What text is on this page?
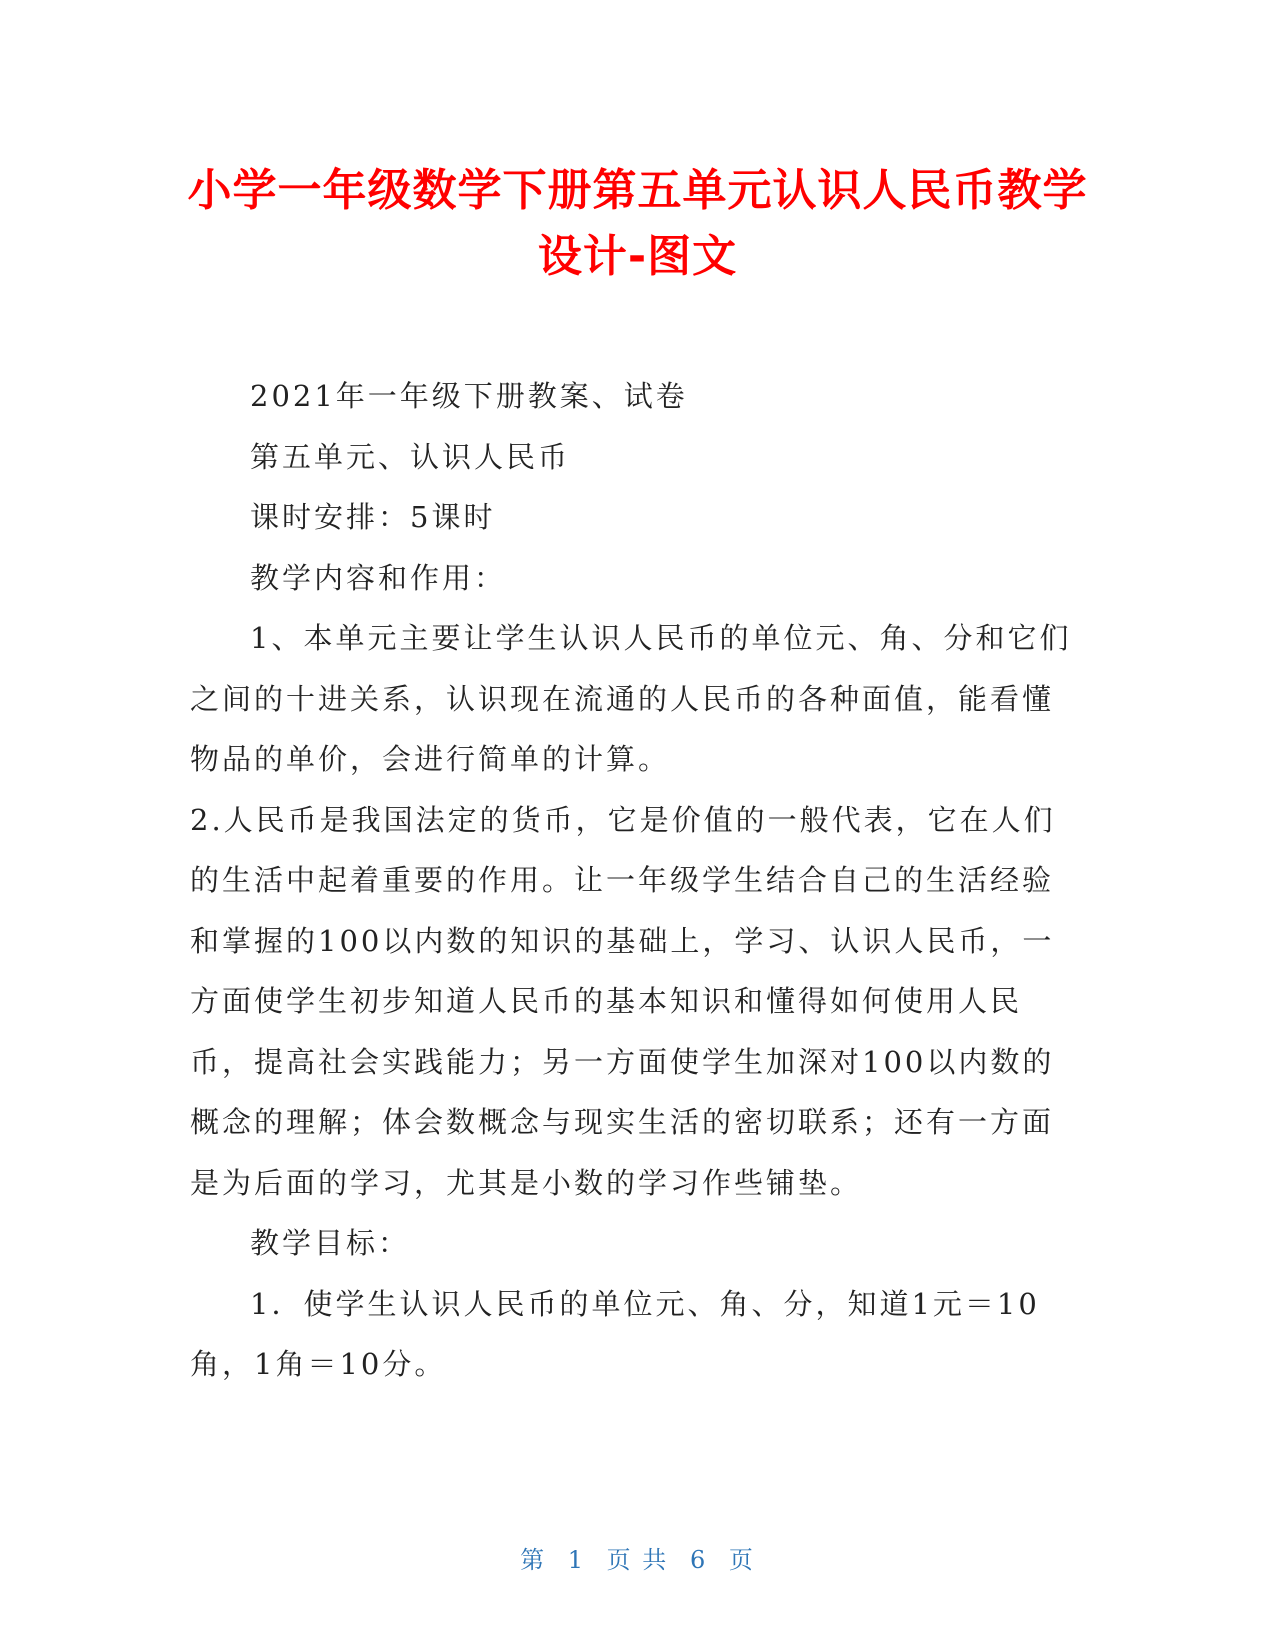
小学一年级数学下册第五单元认识人民币教学
设计-图文

2021年一年级下册教案、试卷

第五单元、认识人民币

课时安排：5课时

教学内容和作用：

1、本单元主要让学生认识人民币的单位元、角、分和它们之间的十进关系，认识现在流通的人民币的各种面值，能看懂物品的单价，会进行简单的计算。

2.人民币是我国法定的货币，它是价值的一般代表，它在人们的生活中起着重要的作用。让一年级学生结合自己的生活经验和掌握的100以内数的知识的基础上，学习、认识人民币，一方面使学生初步知道人民币的基本知识和懂得如何使用人民币，提高社会实践能力；另一方面使学生加深对100以内数的概念的理解；体会数概念与现实生活的密切联系；还有一方面是为后面的学习，尤其是小数的学习作些铺垫。

教学目标：

1．使学生认识人民币的单位元、角、分，知道1元＝10角，1角＝10分。

第 1 页 共 6 页
